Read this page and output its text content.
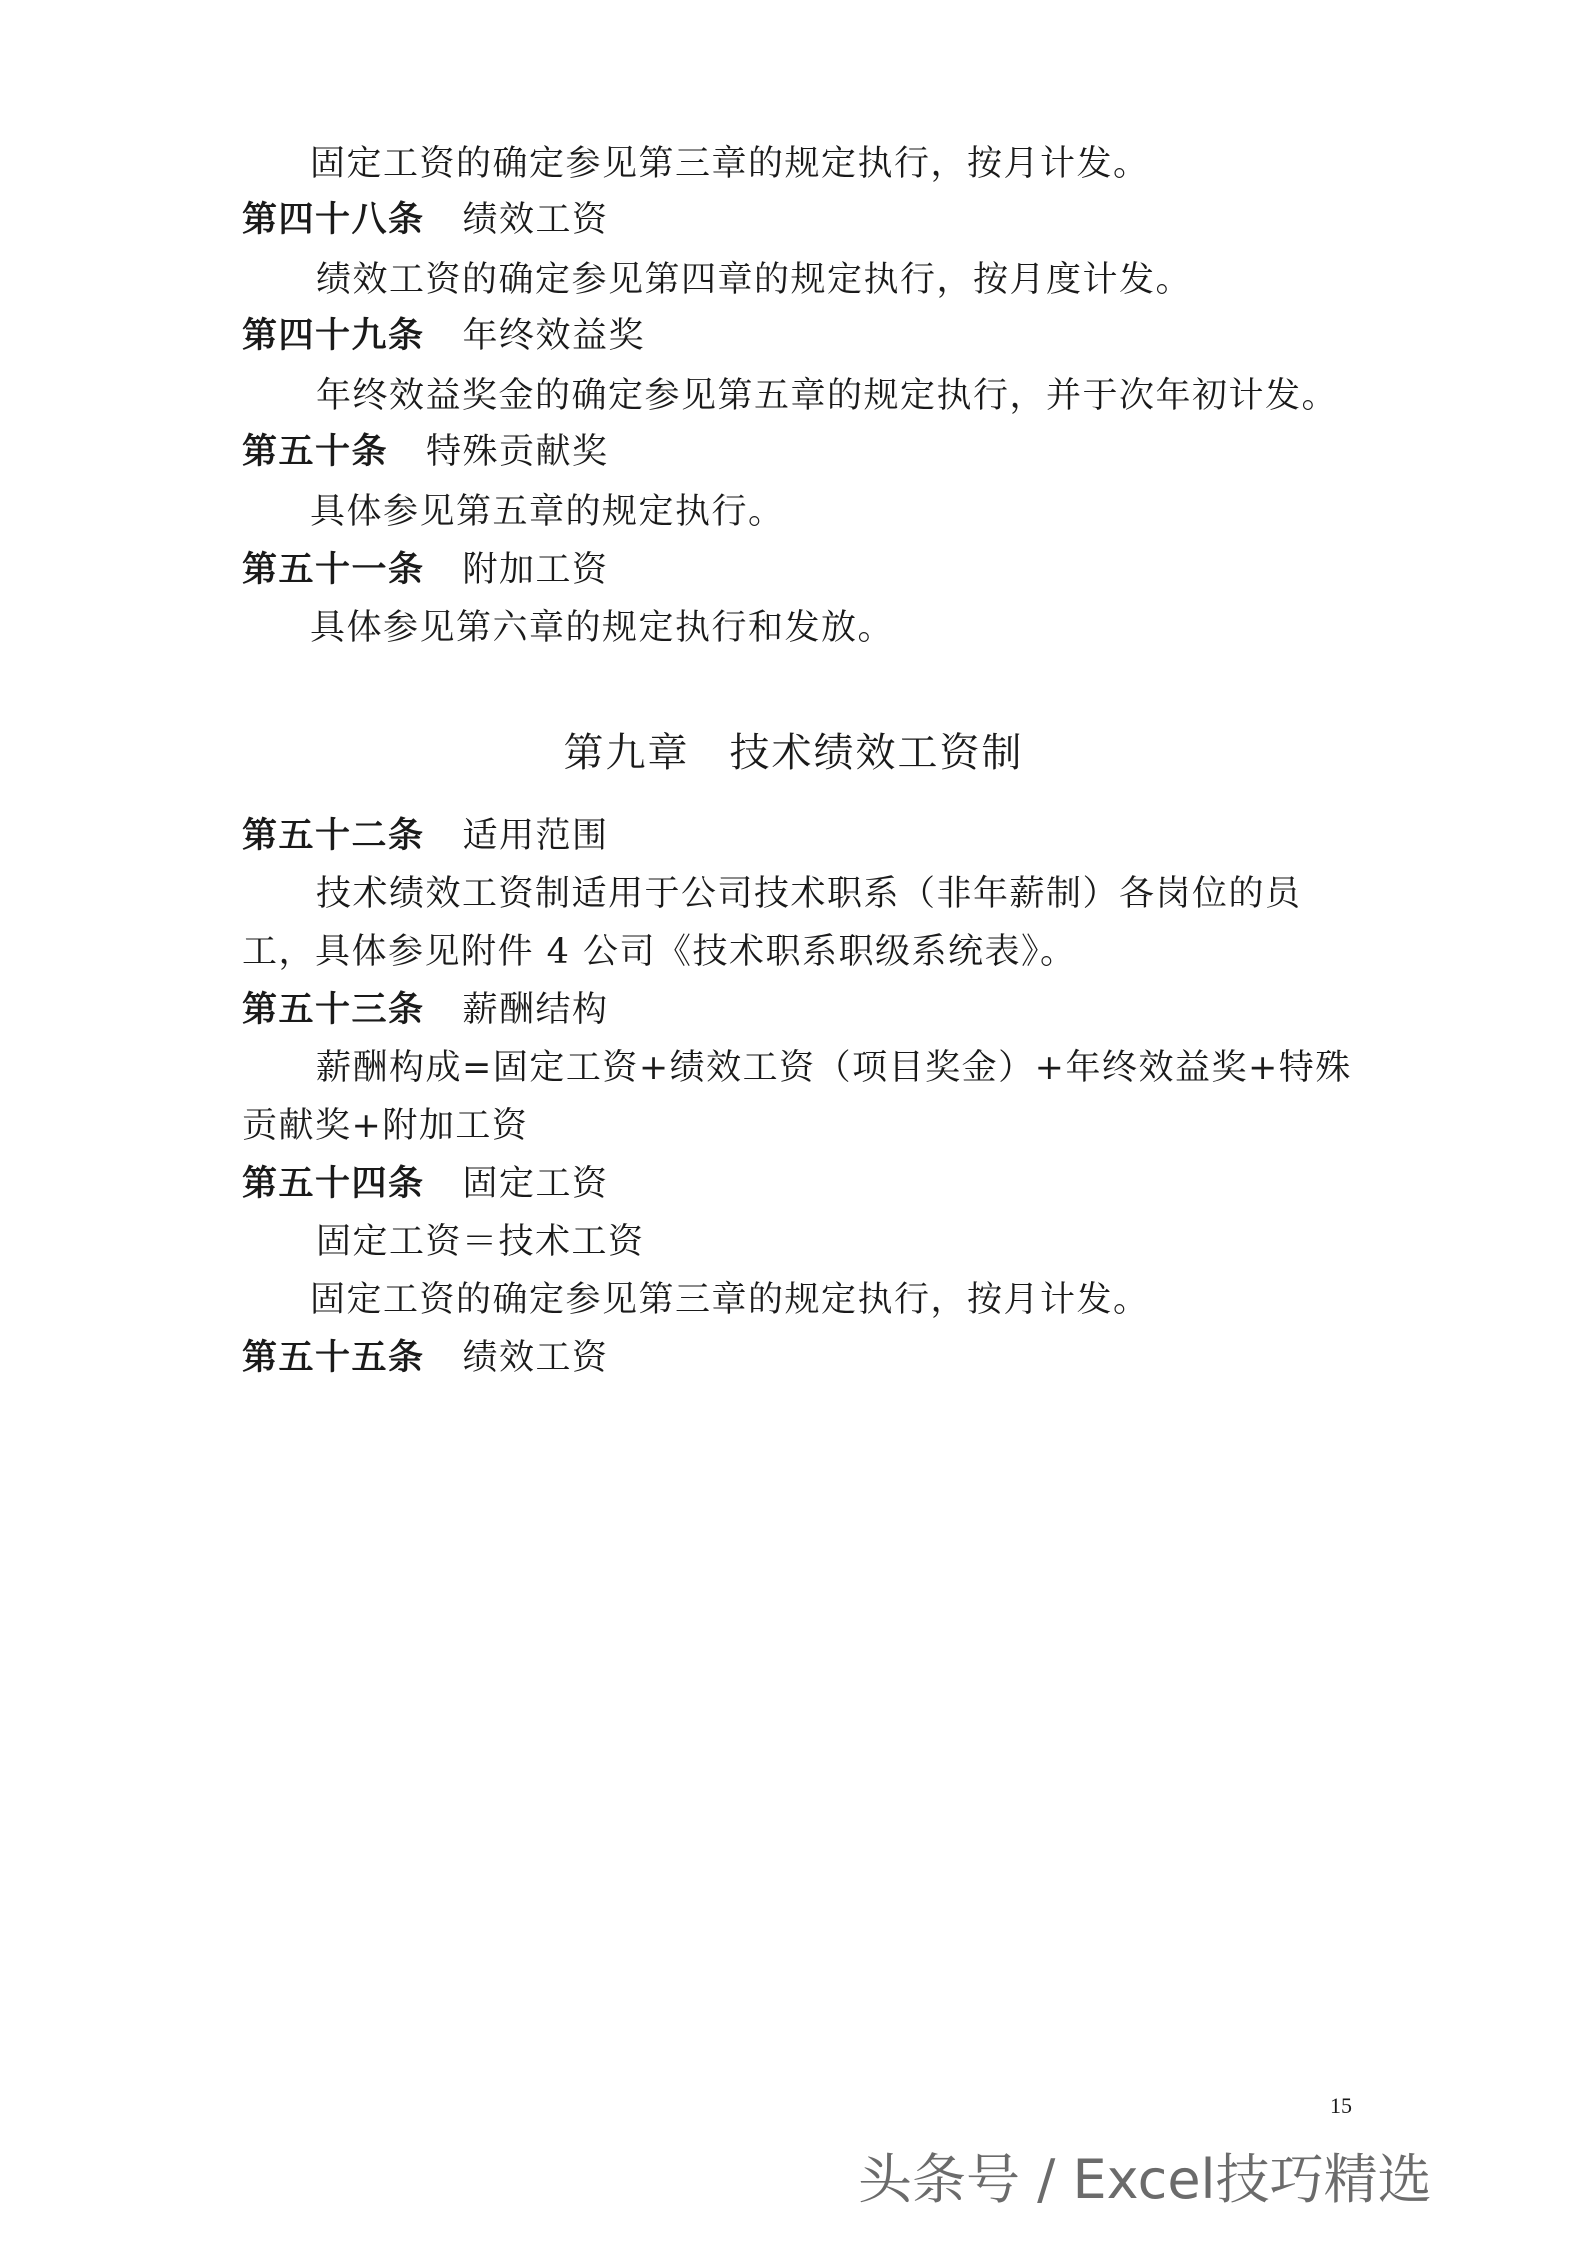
固定工资的确定参见第三章的规定执行，按月计发。
第四十八条 绩效工资
绩效工资的确定参见第四章的规定执行，按月度计发。
第四十九条 年终效益奖
年终效益奖金的确定参见第五章的规定执行，并于次年初计发。
第五十条 特殊贡献奖
具体参见第五章的规定执行。
第五十一条 附加工资
具体参见第六章的规定执行和发放。
第九章 技术绩效工资制
第五十二条 适用范围
技术绩效工资制适用于公司技术职系（非年薪制）各岗位的员
工，具体参见附件 4 公司《技术职系职级系统表》。
第五十三条 薪酬结构
薪酬构成=固定工资+绩效工资（项目奖金）+年终效益奖+特殊
贡献奖+附加工资
第五十四条 固定工资
固定工资＝技术工资
固定工资的确定参见第三章的规定执行，按月计发。
第五十五条 绩效工资
15
头条号 / Excel技巧精选
